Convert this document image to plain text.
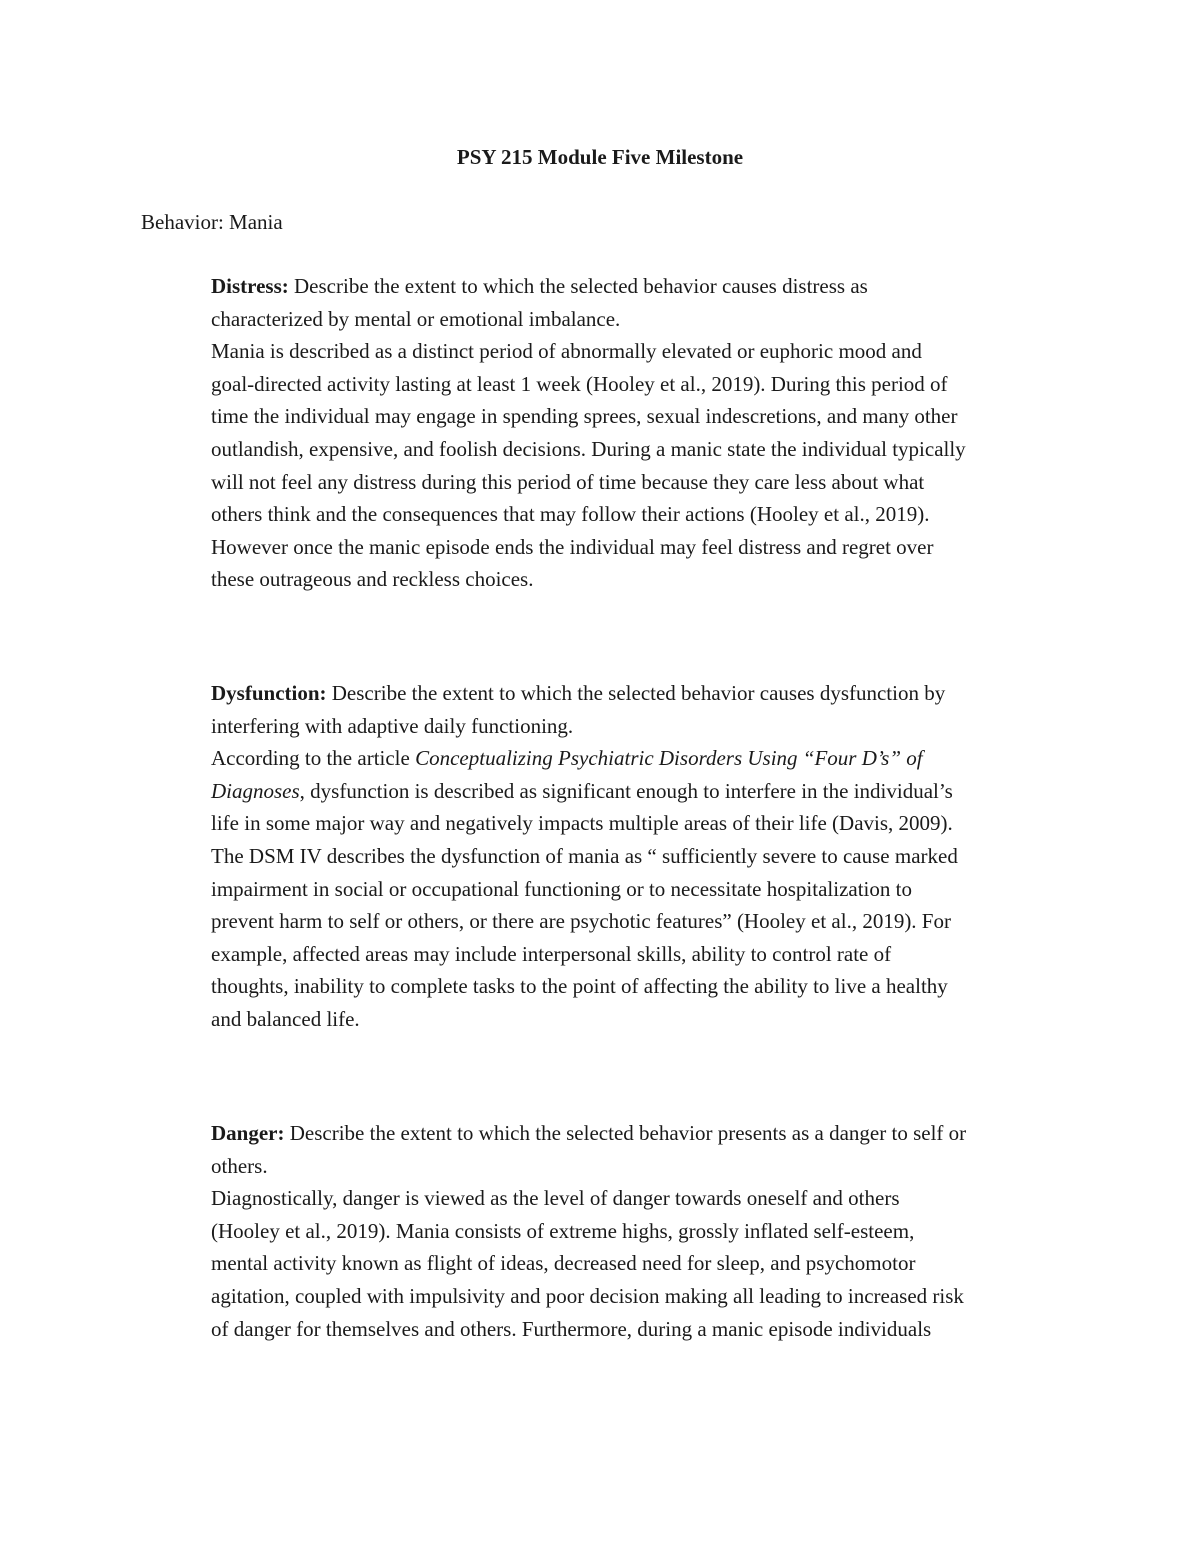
PSY 215 Module Five Milestone
Behavior: Mania
Distress: Describe the extent to which the selected behavior causes distress as
characterized by mental or emotional imbalance.
Mania is described as a distinct period of abnormally elevated or euphoric mood and
goal-directed activity lasting at least 1 week (Hooley et al., 2019). During this period of
time the individual may engage in spending sprees, sexual indescretions, and many other
outlandish, expensive, and foolish decisions. During a manic state the individual typically
will not feel any distress during this period of time because they care less about what
others think and the consequences that may follow their actions (Hooley et al., 2019).
However once the manic episode ends the individual may feel distress and regret over
these outrageous and reckless choices.
Dysfunction: Describe the extent to which the selected behavior causes dysfunction by
interfering with adaptive daily functioning.
According to the article Conceptualizing Psychiatric Disorders Using “Four D’s” of
Diagnoses, dysfunction is described as significant enough to interfere in the individual’s
life in some major way and negatively impacts multiple areas of their life (Davis, 2009).
The DSM IV describes the dysfunction of mania as “ sufficiently severe to cause marked
impairment in social or occupational functioning or to necessitate hospitalization to
prevent harm to self or others, or there are psychotic features” (Hooley et al., 2019). For
example, affected areas may include interpersonal skills, ability to control rate of
thoughts, inability to complete tasks to the point of affecting the ability to live a healthy
and balanced life.
Danger: Describe the extent to which the selected behavior presents as a danger to self or
others.
Diagnostically, danger is viewed as the level of danger towards oneself and others
(Hooley et al., 2019). Mania consists of extreme highs, grossly inflated self-esteem,
mental activity known as flight of ideas, decreased need for sleep, and psychomotor
agitation, coupled with impulsivity and poor decision making all leading to increased risk
of danger for themselves and others. Furthermore, during a manic episode individuals
